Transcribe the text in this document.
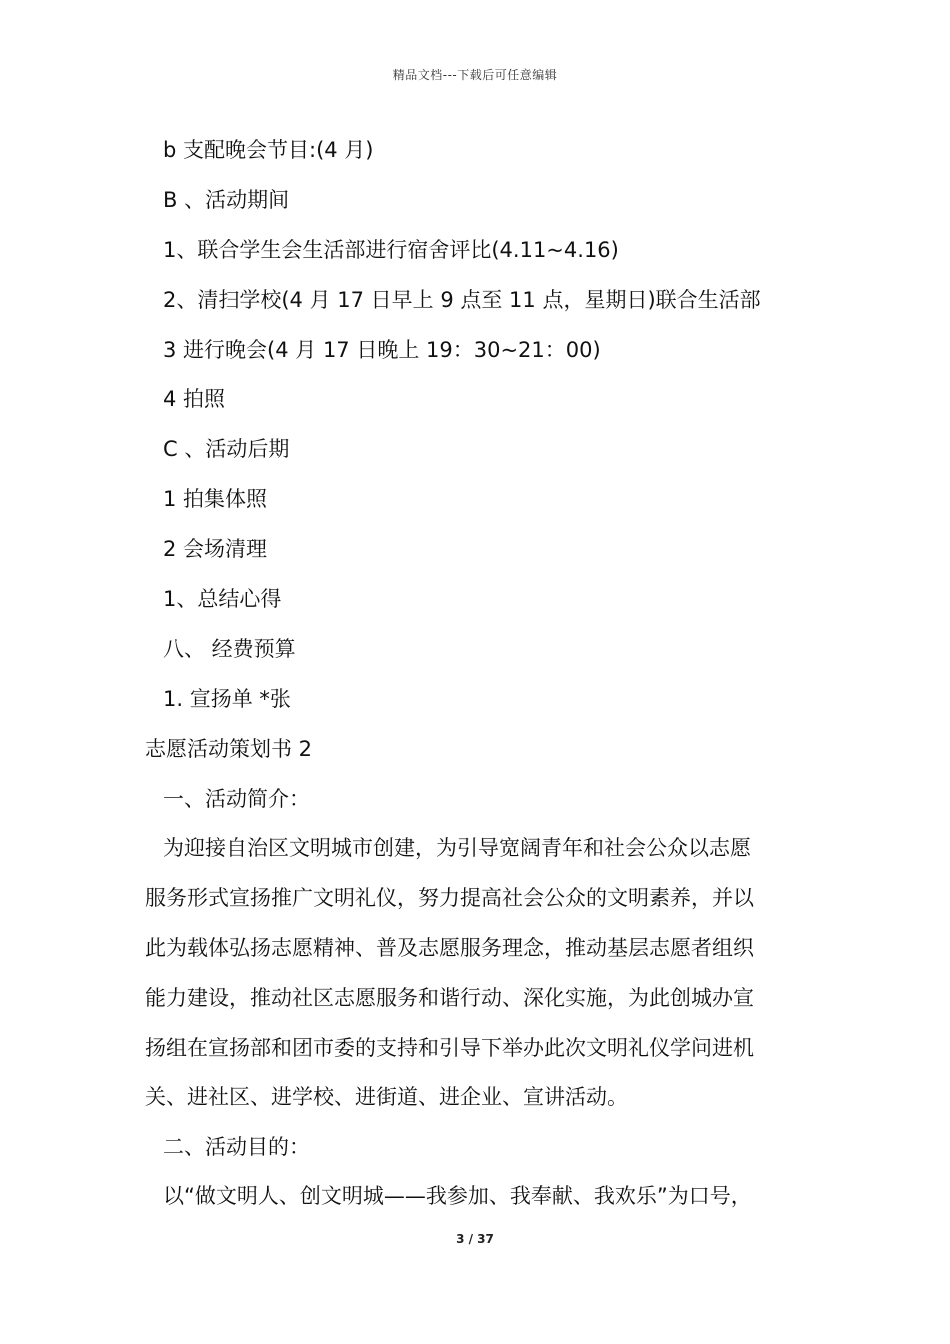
精品文档---下载后可任意编辑
b 支配晚会节目:(4 月)
B 、活动期间
1、联合学生会生活部进行宿舍评比(4.11~4.16)
2、清扫学校(4 月 17 日早上 9 点至 11 点，星期日)联合生活部
3 进行晚会(4 月 17 日晚上 19：30~21：00)
4 拍照
C 、活动后期
1 拍集体照
2 会场清理
1、总结心得
八、 经费预算
1. 宣扬单 *张
志愿活动策划书 2
一、活动简介：
为迎接自治区文明城市创建，为引导宽阔青年和社会公众以志愿
服务形式宣扬推广文明礼仪，努力提高社会公众的文明素养，并以
此为载体弘扬志愿精神、普及志愿服务理念，推动基层志愿者组织
能力建设，推动社区志愿服务和谐行动、深化实施，为此创城办宣
扬组在宣扬部和团市委的支持和引导下举办此次文明礼仪学问进机
关、进社区、进学校、进街道、进企业、宣讲活动。
二、活动目的：
以“做文明人、创文明城——我参加、我奉献、我欢乐”为口号，
3 / 37
